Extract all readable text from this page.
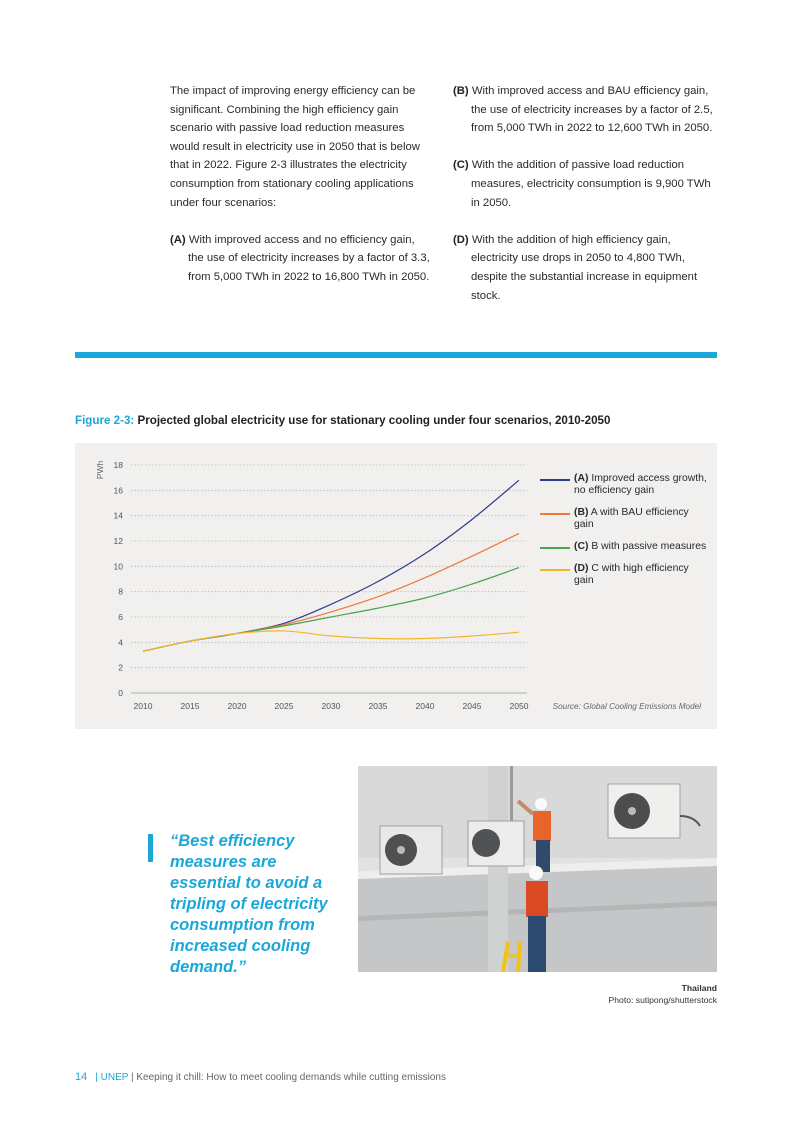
The impact of improving energy efficiency can be significant. Combining the high efficiency gain scenario with passive load reduction measures would result in electricity use in 2050 that is below that in 2022. Figure 2-3 illustrates the electricity consumption from stationary cooling applications under four scenarios:

(A) With improved access and no efficiency gain, the use of electricity increases by a factor of 3.3, from 5,000 TWh in 2022 to 16,800 TWh in 2050.

(B) With improved access and BAU efficiency gain, the use of electricity increases by a factor of 2.5, from 5,000 TWh in 2022 to 12,600 TWh in 2050.

(C) With the addition of passive load reduction measures, electricity consumption is 9,900 TWh in 2050.

(D) With the addition of high efficiency gain, electricity use drops in 2050 to 4,800 TWh, despite the substantial increase in equipment stock.

Figure 2-3: Projected global electricity use for stationary cooling under four scenarios, 2010-2050
0
2
4
6
8
10
12
14
16
18
PWh
2010	2015	2020	2025	2030	2035	2040	2045	2050
(A) Improved access growth, no efficiency gain
(B) A with BAU efficiency gain
(C) B with passive measures
(D) C with high efficiency gain
Source: Global Cooling Emissions Model
“Best efficiency measures are essential to avoid a tripling of electricity consumption from increased cooling demand.”
Thailand
Photo: sutipong/shutterstock
14 | UNEP | Keeping it chill: How to meet cooling demands while cutting emissions
